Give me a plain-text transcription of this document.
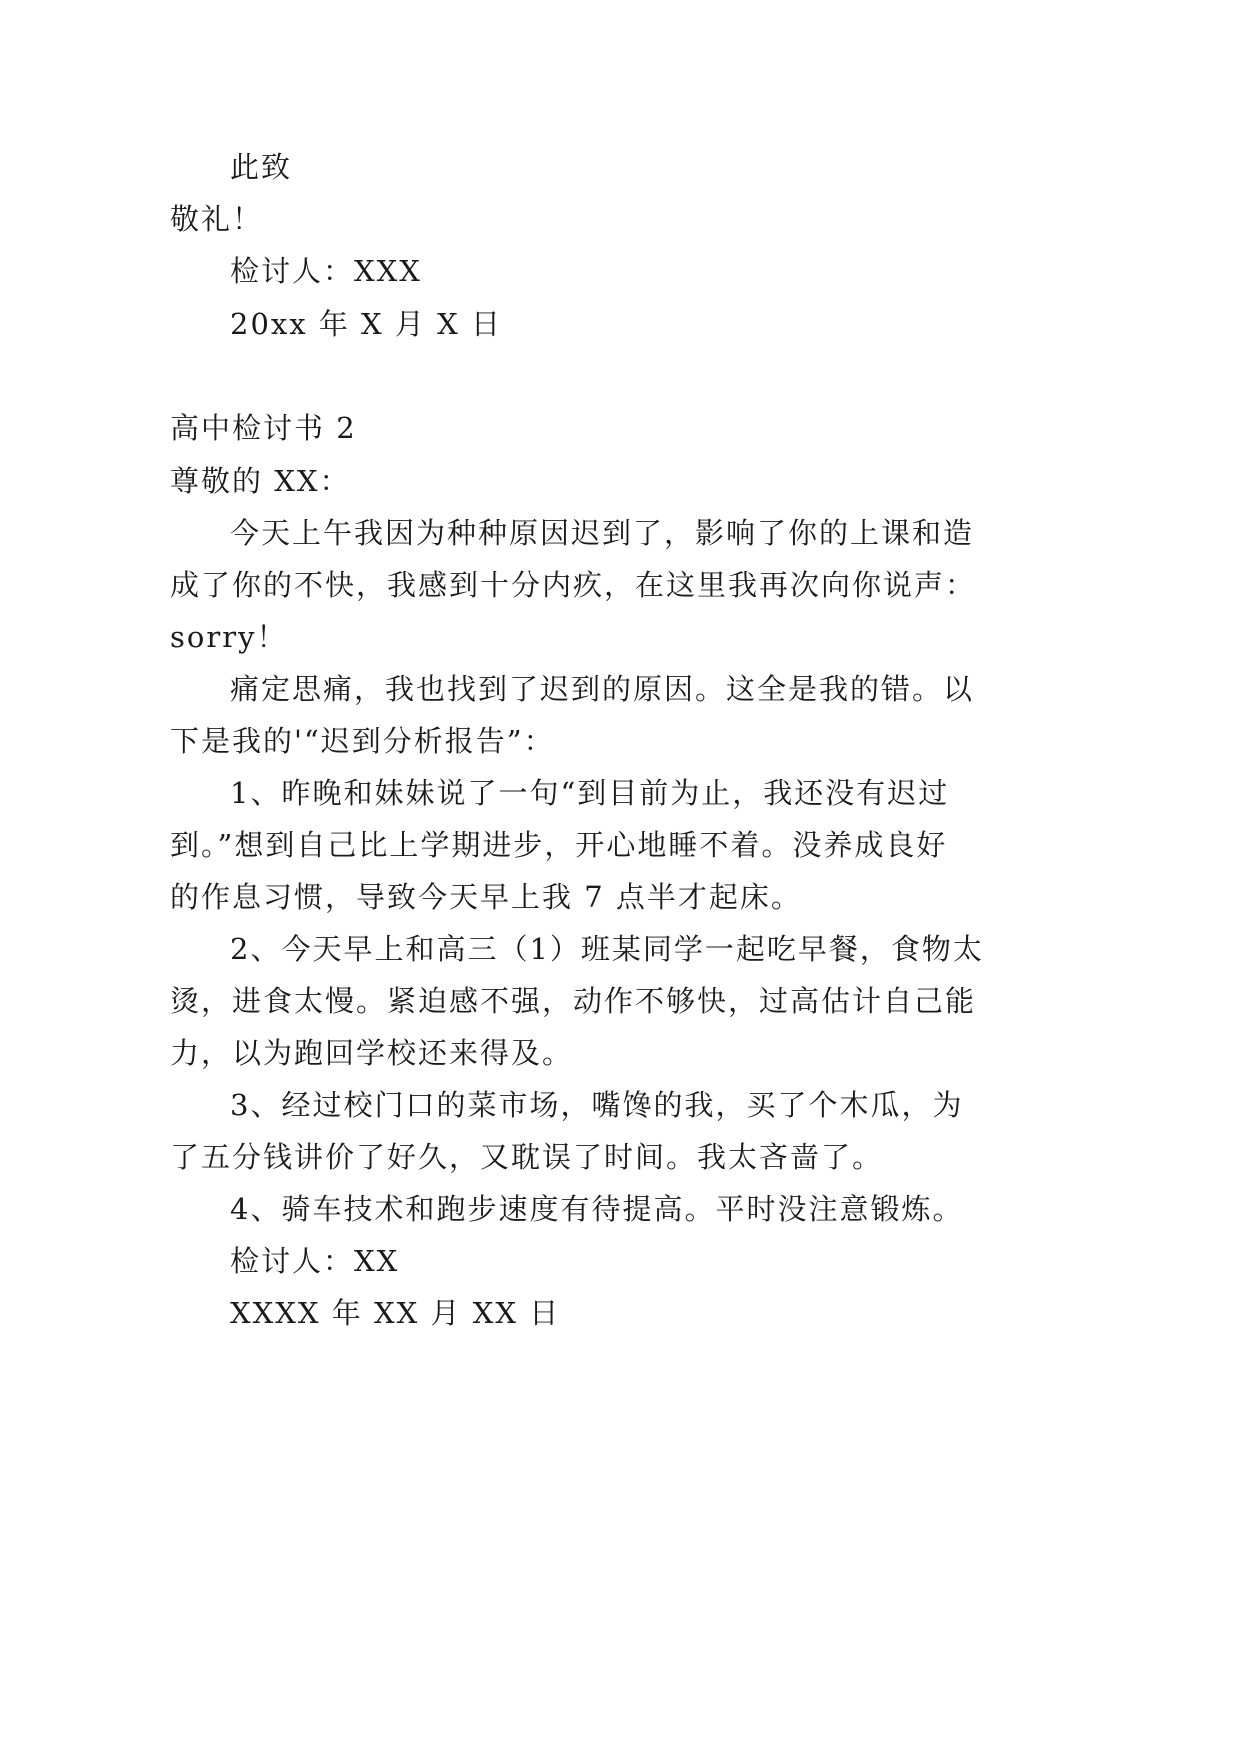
此致

敬礼！

检讨人：XXX

20xx 年 X 月 X 日

高中检讨书 2

尊敬的 XX：

今天上午我因为种种原因迟到了，影响了你的上课和造

成了你的不快，我感到十分内疚，在这里我再次向你说声：

sorry！

痛定思痛，我也找到了迟到的原因。这全是我的错。以

下是我的'“迟到分析报告”：

1、昨晚和妹妹说了一句“到目前为止，我还没有迟过

到。”想到自己比上学期进步，开心地睡不着。没养成良好

的作息习惯，导致今天早上我 7 点半才起床。

2、今天早上和高三（1）班某同学一起吃早餐，食物太

烫，进食太慢。紧迫感不强，动作不够快，过高估计自己能

力，以为跑回学校还来得及。

3、经过校门口的菜市场，嘴馋的我，买了个木瓜，为

了五分钱讲价了好久，又耽误了时间。我太吝啬了。

4、骑车技术和跑步速度有待提高。平时没注意锻炼。

检讨人：XX

XXXX 年 XX 月 XX 日
